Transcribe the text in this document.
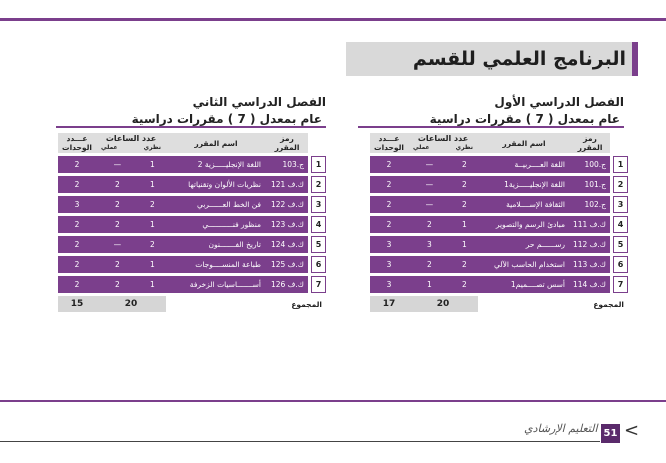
البرنامج العلمي للقسم
الفصل الدراسي الأول
عام بمعدل ( 7 ) مقررات دراسية
عـــدد الوحدات	عدد الساعات
عملي نظري		اسم المقرر	رمز المقرر		
2	—	2	اللغة العــــربيــة	ج.100		1
2	—	2	اللغة الإنجليـــــزية1	ج.101		2
2	—	2	الثقافة الإســــلامية	ج.102		3
2	2	1	مبادئ الرسم والتصوير	ك.ف 111		4
3	3	1	رســــــم حر	ك.ف 112		5
3	2	2	استخدام الحاسب الآلي	ك.ف 113		6
3	1	2	أسس تصــــميم1	ك.ف 114		7
17	20			المجموع		
الفصل الدراسي الثاني
عام بمعدل ( 7 ) مقررات دراسية
عـــدد الوحدات	عدد الساعات
عملي نظري		اسم المقرر	رمز المقرر		
2	—	1	اللغة الإنجليـــــزية 2	ج.103		1
2	2	1	نظريات الألوان وتقنياتها	ك.ف 121		2
3	2	2	فن الخط العــــــربي	ك.ف 122		3
2	2	1	منظور فنـــــــــــي	ك.ف 123		4
2	—	2	تاريخ الفـــــــنون	ك.ف 124		5
2	2	1	طباعة المنســــوجات	ك.ف 125		6
2	2	1	أســـــــاسيات الزخرفة	ك.ف 126		7
15	20			المجموع		
التعليم الإرشادي 51 <
